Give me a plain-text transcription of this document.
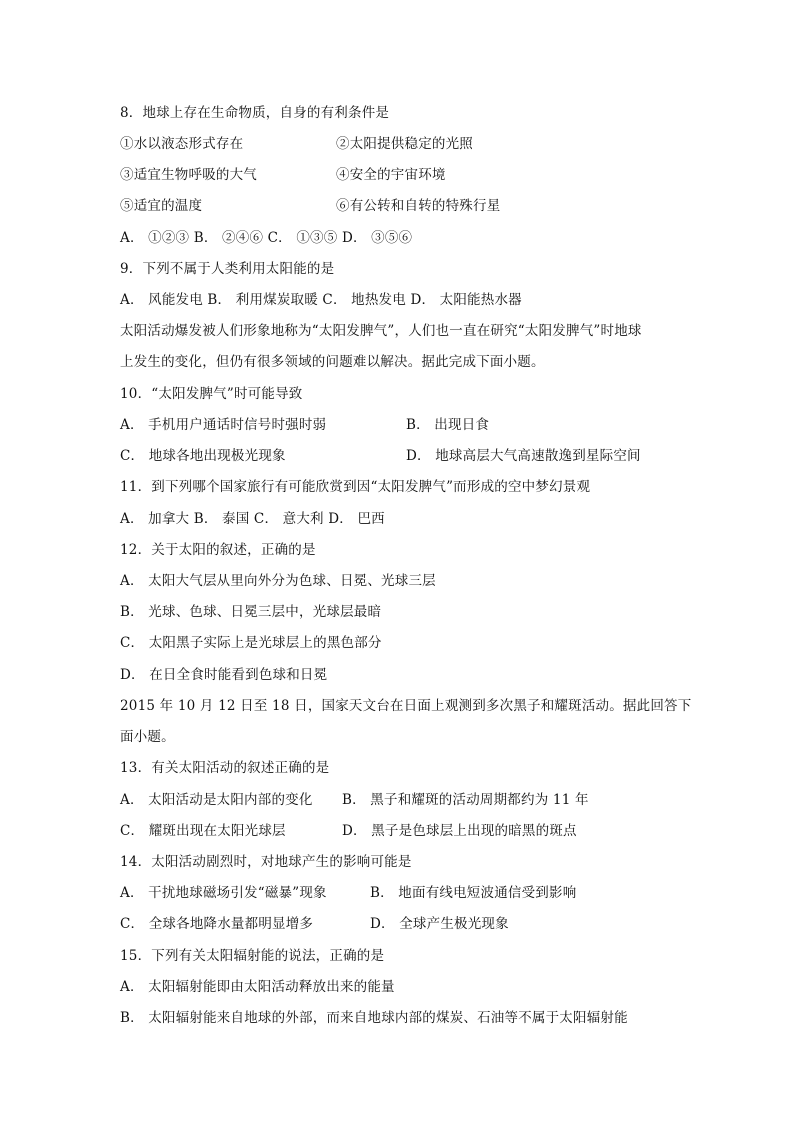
8．地球上存在生命物质，自身的有利条件是
①水以液态形式存在	②太阳提供稳定的光照
③适宜生物呼吸的大气	④安全的宇宙环境
⑤适宜的温度	⑥有公转和自转的特殊行星
A． ①②③ B． ②④⑥ C． ①③⑤ D． ③⑤⑥
9．下列不属于人类利用太阳能的是
A． 风能发电 B． 利用煤炭取暖 C． 地热发电 D． 太阳能热水器
太阳活动爆发被人们形象地称为“太阳发脾气”，人们也一直在研究“太阳发脾气”时地球
上发生的变化，但仍有很多领域的问题难以解决。据此完成下面小题。
10．“太阳发脾气”时可能导致
A． 手机用户通话时信号时强时弱	B． 出现日食
C． 地球各地出现极光现象	D． 地球高层大气高速散逸到星际空间
11．到下列哪个国家旅行有可能欣赏到因“太阳发脾气”而形成的空中梦幻景观
A． 加拿大 B． 泰国 C． 意大利 D． 巴西
12．关于太阳的叙述，正确的是
A． 太阳大气层从里向外分为色球、日冕、光球三层
B． 光球、色球、日冕三层中，光球层最暗
C． 太阳黑子实际上是光球层上的黑色部分
D． 在日全食时能看到色球和日冕
2015 年 10 月 12 日至 18 日，国家天文台在日面上观测到多次黑子和耀斑活动。据此回答下
面小题。
13．有关太阳活动的叙述正确的是
A． 太阳活动是太阳内部的变化 B． 黑子和耀斑的活动周期都约为 11 年
C． 耀斑出现在太阳光球层	D． 黑子是色球层上出现的暗黑的斑点
14．太阳活动剧烈时，对地球产生的影响可能是
A． 干扰地球磁场引发“磁暴”现象	B． 地面有线电短波通信受到影响
C． 全球各地降水量都明显增多	D． 全球产生极光现象
15．下列有关太阳辐射能的说法，正确的是
A． 太阳辐射能即由太阳活动释放出来的能量
B． 太阳辐射能来自地球的外部，而来自地球内部的煤炭、石油等不属于太阳辐射能
